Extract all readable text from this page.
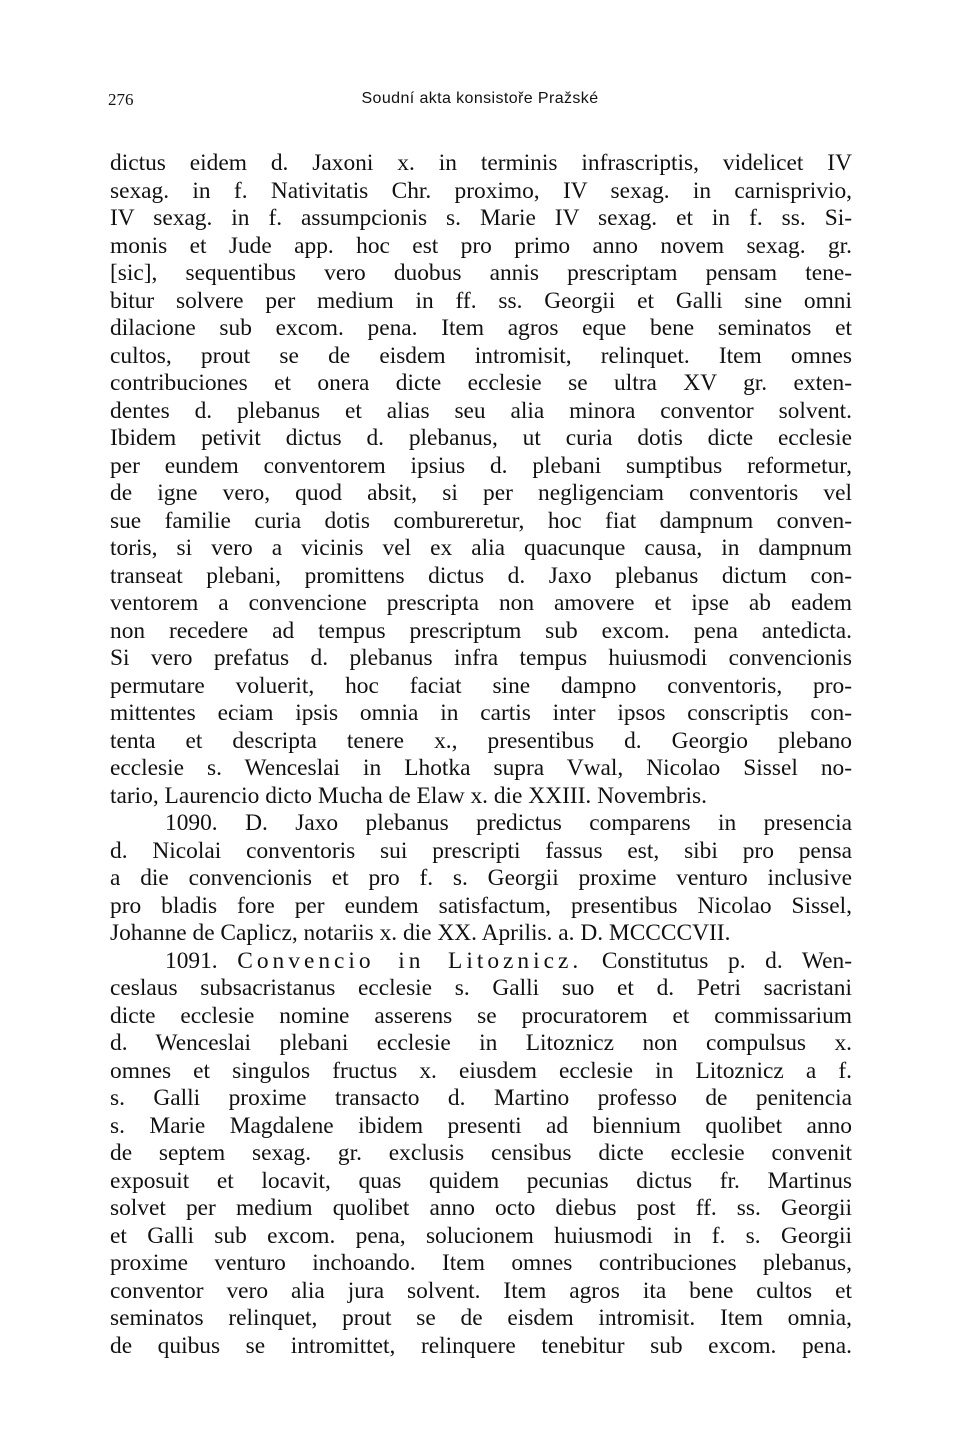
276	Soudní akta konsistoře Pražské
dictus eidem d. Jaxoni x. in terminis infrascriptis, videlicet IV
sexag. in f. Nativitatis Chr. proximo, IV sexag. in carnisprivio,
IV sexag. in f. assumpcionis s. Marie IV sexag. et in f. ss. Si-
monis et Jude app. hoc est pro primo anno novem sexag. gr.
[sic], sequentibus vero duobus annis prescriptam pensam tene-
bitur solvere per medium in ff. ss. Georgii et Galli sine omni
dilacione sub excom. pena. Item agros eque bene seminatos et
cultos, prout se de eisdem intromisit, relinquet. Item omnes
contribuciones et onera dicte ecclesie se ultra XV gr. exten-
dentes d. plebanus et alias seu alia minora conventor solvent.
Ibidem petivit dictus d. plebanus, ut curia dotis dicte ecclesie
per eundem conventorem ipsius d. plebani sumptibus reformetur,
de igne vero, quod absit, si per negligenciam conventoris vel
sue familie curia dotis combureretur, hoc fiat dampnum conven-
toris, si vero a vicinis vel ex alia quacunque causa, in dampnum
transeat plebani, promittens dictus d. Jaxo plebanus dictum con-
ventorem a convencione prescripta non amovere et ipse ab eadem
non recedere ad tempus prescriptum sub excom. pena antedicta.
Si vero prefatus d. plebanus infra tempus huiusmodi convencionis
permutare voluerit, hoc faciat sine dampno conventoris, pro-
mittentes eciam ipsis omnia in cartis inter ipsos conscriptis con-
tenta et descripta tenere x., presentibus d. Georgio plebano
ecclesie s. Wenceslai in Lhotka supra Vwal, Nicolao Sissel no-
tario, Laurencio dicto Mucha de Elaw x. die XXIII. Novembris.
1090. D. Jaxo plebanus predictus comparens in presencia
d. Nicolai conventoris sui prescripti fassus est, sibi pro pensa
a die convencionis et pro f. s. Georgii proxime venturo inclusive
pro bladis fore per eundem satisfactum, presentibus Nicolao Sissel,
Johanne de Caplicz, notariis x. die XX. Aprilis. a. D. MCCCCVII.
1091. Convencio in Litoznicz. Constitutus p. d. Wen-
ceslaus subsacristanus ecclesie s. Galli suo et d. Petri sacristani
dicte ecclesie nomine asserens se procuratorem et commissarium
d. Wenceslai plebani ecclesie in Litoznicz non compulsus x.
omnes et singulos fructus x. eiusdem ecclesie in Litoznicz a f.
s. Galli proxime transacto d. Martino professo de penitencia
s. Marie Magdalene ibidem presenti ad biennium quolibet anno
de septem sexag. gr. exclusis censibus dicte ecclesie convenit
exposuit et locavit, quas quidem pecunias dictus fr. Martinus
solvet per medium quolibet anno octo diebus post ff. ss. Georgii
et Galli sub excom. pena, solucionem huiusmodi in f. s. Georgii
proxime venturo inchoando. Item omnes contribuciones plebanus,
conventor vero alia jura solvent. Item agros ita bene cultos et
seminatos relinquet, prout se de eisdem intromisit. Item omnia,
de quibus se intromittet, relinquere tenebitur sub excom. pena.
